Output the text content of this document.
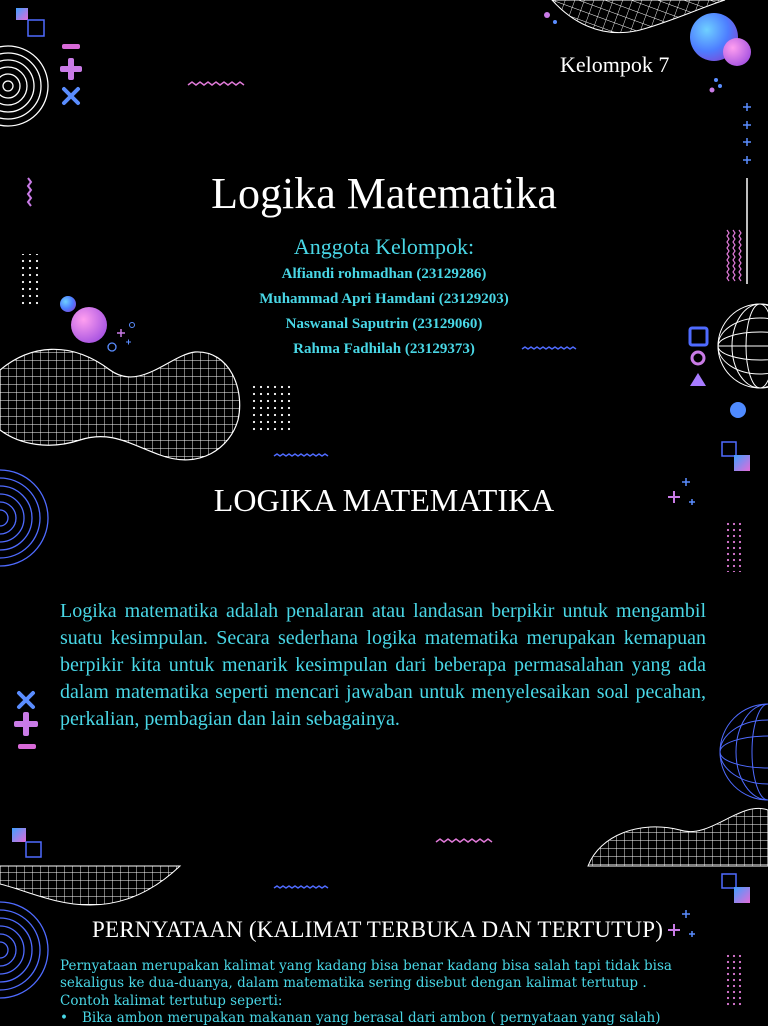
Kelompok 7
Logika Matematika
Anggota Kelompok:
Alfiandi rohmadhan (23129286)
Muhammad Apri Hamdani (23129203)
Naswanal Saputrin (23129060)
Rahma Fadhilah (23129373)
LOGIKA MATEMATIKA
Logika matematika adalah penalaran atau landasan berpikir untuk mengambil suatu kesimpulan. Secara sederhana logika matematika merupakan kemapuan berpikir kita untuk menarik kesimpulan dari beberapa permasalahan yang ada dalam matematika seperti mencari jawaban untuk menyelesaikan soal pecahan, perkalian, pembagian dan lain sebagainya.
PERNYATAAN (KALIMAT TERBUKA DAN TERTUTUP)
Pernyataan merupakan kalimat yang kadang bisa benar kadang bisa salah tapi tidak bisa sekaligus ke dua-duanya, dalam matematika sering disebut dengan kalimat tertutup .
Contoh kalimat tertutup seperti:
• Bika ambon merupakan makanan yang berasal dari ambon ( pernyataan yang salah)
